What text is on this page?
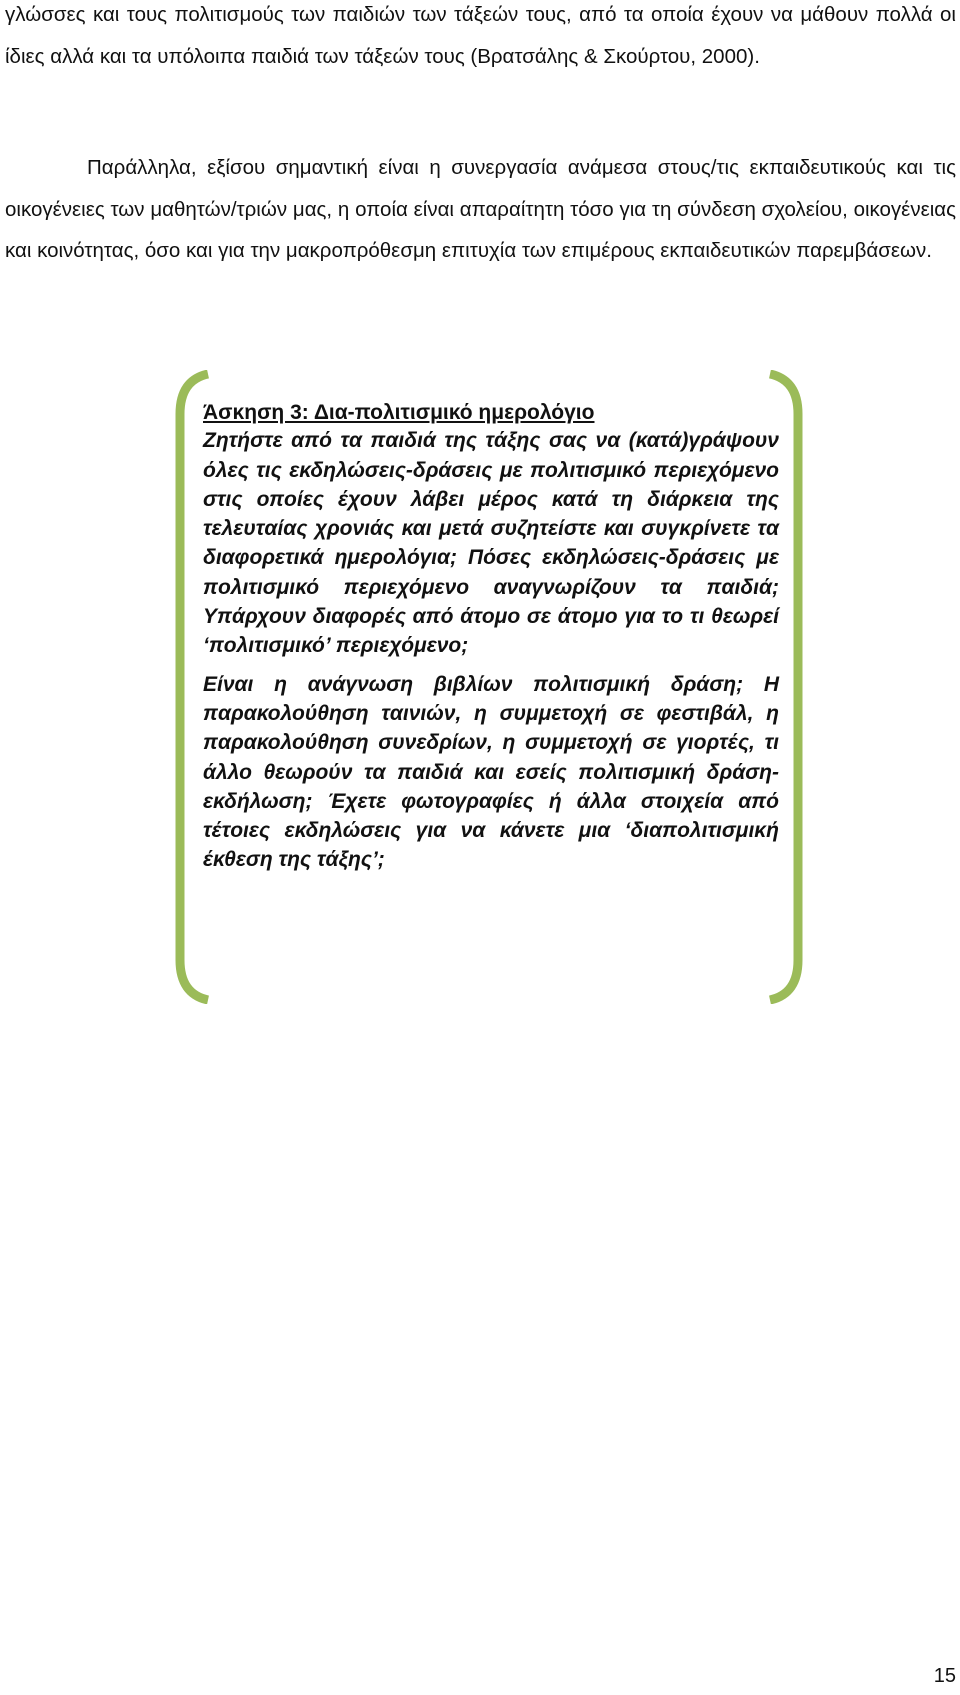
γλώσσες και τους πολιτισμούς των παιδιών των τάξεών τους, από τα οποία έχουν να μάθουν πολλά οι ίδιες αλλά και τα υπόλοιπα παιδιά των τάξεών τους (Βρατσάλης & Σκούρτου, 2000).

Παράλληλα, εξίσου σημαντική είναι η συνεργασία ανάμεσα στους/τις εκπαιδευτικούς και τις οικογένειες των μαθητών/τριών μας, η οποία είναι απαραίτητη τόσο για τη σύνδεση σχολείου, οικογένειας και κοινότητας, όσο και για την μακροπρόθεσμη επιτυχία των επιμέρους εκπαιδευτικών παρεμβάσεων.

Άσκηση 3: Δια-πολιτισμικό ημερολόγιο

Ζητήστε από τα παιδιά της τάξης σας να (κατά)γράψουν όλες τις εκδηλώσεις-δράσεις με πολιτισμικό περιεχόμενο στις οποίες έχουν λάβει μέρος κατά τη διάρκεια της τελευταίας χρονιάς και μετά συζητείστε και συγκρίνετε τα διαφορετικά ημερολόγια; Πόσες εκδηλώσεις-δράσεις με πολιτισμικό περιεχόμενο αναγνωρίζουν τα παιδιά; Υπάρχουν διαφορές από άτομο σε άτομο για το τι θεωρεί ‘πολιτισμικό’ περιεχόμενο;

Είναι η ανάγνωση βιβλίων πολιτισμική δράση; Η παρακολούθηση ταινιών, η συμμετοχή σε φεστιβάλ, η παρακολούθηση συνεδρίων, η συμμετοχή σε γιορτές, τι άλλο θεωρούν τα παιδιά και εσείς πολιτισμική δράση-εκδήλωση; Έχετε φωτογραφίες ή άλλα στοιχεία από τέτοιες εκδηλώσεις για να κάνετε μια ‘διαπολιτισμική έκθεση της τάξης’;

15
